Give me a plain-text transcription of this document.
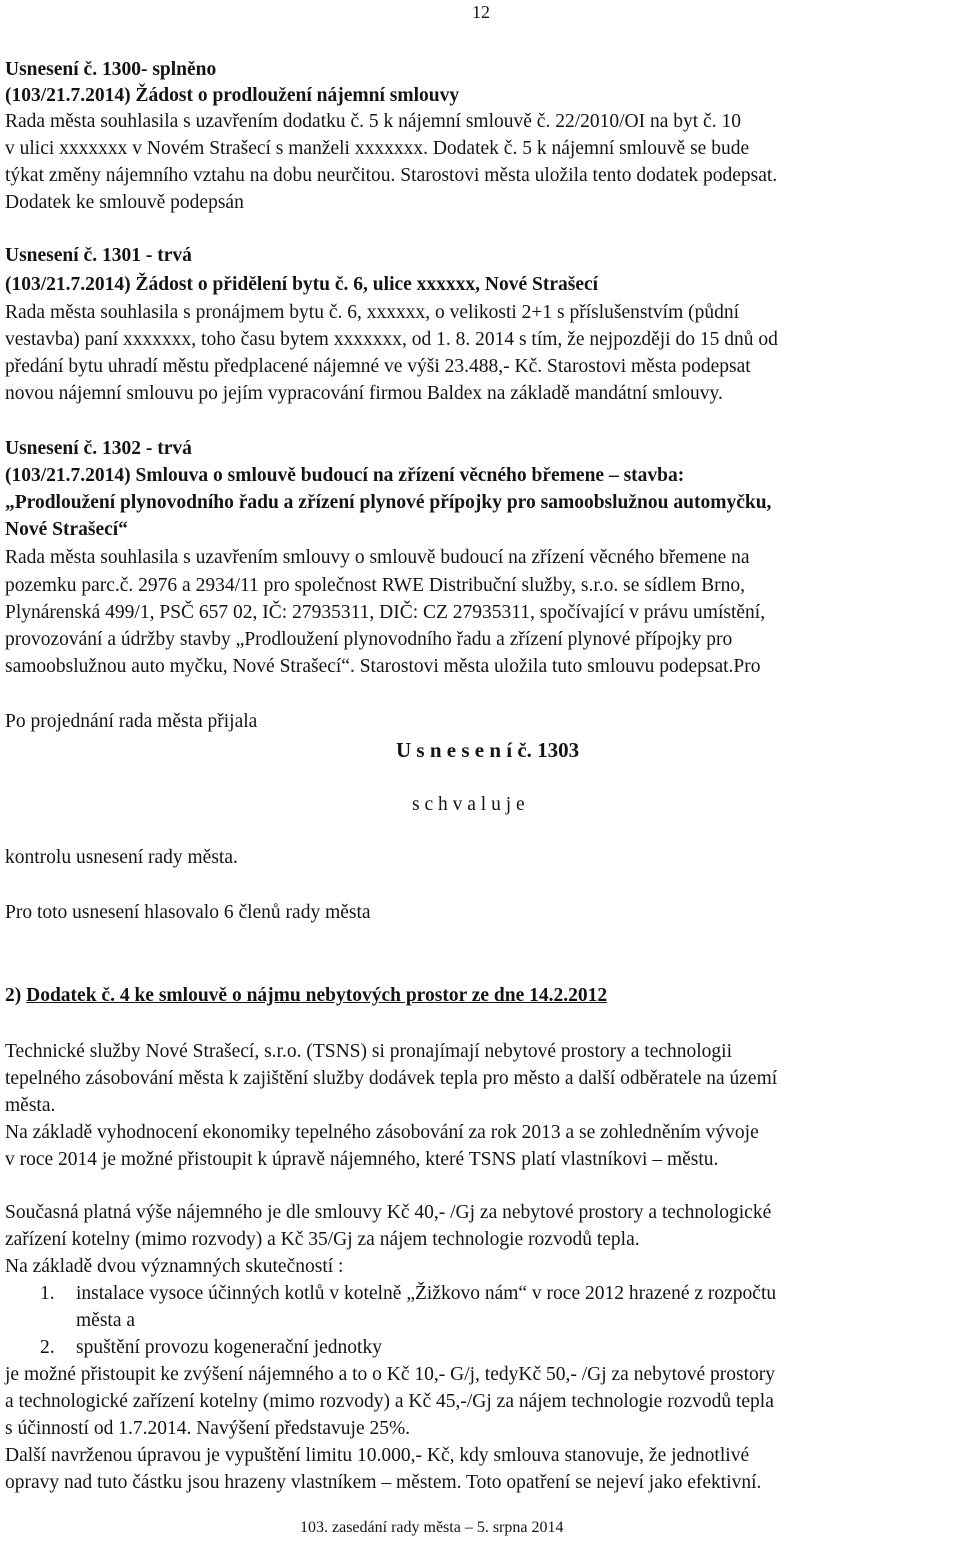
12
Usnesení č. 1300- splněno
(103/21.7.2014) Žádost o prodloužení nájemní smlouvy
Rada města souhlasila s uzavřením dodatku č. 5 k nájemní smlouvě č. 22/2010/OI na byt č. 10
v ulici xxxxxxx v Novém Strašecí s manželi xxxxxxx. Dodatek č. 5 k nájemní smlouvě se bude
týkat změny nájemního vztahu na dobu neurčitou. Starostovi města uložila tento dodatek podepsat.
Dodatek ke smlouvě podepsán
Usnesení č. 1301 - trvá
(103/21.7.2014) Žádost o přidělení bytu č. 6, ulice xxxxxx, Nové Strašecí
Rada města souhlasila s pronájmem bytu č. 6, xxxxxx, o velikosti 2+1 s příslušenstvím (půdní
vestavba) paní xxxxxxx, toho času bytem xxxxxxx, od 1. 8. 2014 s tím, že nejpozději do 15 dnů od
předání bytu uhradí městu předplacené nájemné ve výši 23.488,- Kč. Starostovi města podepsat
novou nájemní smlouvu po jejím vypracování firmou Baldex na základě mandátní smlouvy.
Usnesení č. 1302 - trvá
(103/21.7.2014) Smlouva o smlouvě budoucí na zřízení věcného břemene – stavba:
„Prodloužení plynovodního řadu a zřízení plynové přípojky pro samoobslužnou automyčku,
Nové Strašecí“
Rada města souhlasila s uzavřením smlouvy o smlouvě budoucí na zřízení věcného břemene na
pozemku parc.č. 2976 a 2934/11 pro společnost RWE Distribuční služby, s.r.o. se sídlem Brno,
Plynárenská 499/1, PSČ 657 02, IČ: 27935311, DIČ: CZ 27935311, spočívající v právu umístění,
provozování a údržby stavby „Prodloužení plynovodního řadu a zřízení plynové přípojky pro
samoobslužnou auto myčku, Nové Strašecí“. Starostovi města uložila tuto smlouvu podepsat.Pro
Po projednání rada města přijala
U s n e s e n í č. 1303
s c h v a l u j e
kontrolu usnesení rady města.
Pro toto usnesení hlasovalo 6 členů rady města
2) Dodatek č. 4 ke smlouvě o nájmu nebytových prostor ze dne 14.2.2012
Technické služby Nové Strašecí, s.r.o. (TSNS) si pronajímají nebytové prostory a technologii
tepelného zásobování města k zajištění služby dodávek tepla pro město a další odběratele na území
města.
Na základě vyhodnocení ekonomiky tepelného zásobování za rok 2013 a se zohledněním vývoje
v roce 2014 je možné přistoupit k úpravě nájemného, které TSNS platí vlastníkovi – městu.
Současná platná výše nájemného je dle smlouvy Kč 40,- /Gj za nebytové prostory a technologické
zařízení kotelny (mimo rozvody) a Kč 35/Gj za nájem technologie rozvodů tepla.
Na základě dvou významných skutečností :
1. instalace vysoce účinných kotlů v kotelně „Žižkovo nám“ v roce 2012 hrazené z rozpočtu
města a
2. spuštění provozu kogenerační jednotky
je možné přistoupit ke zvýšení nájemného a to o Kč 10,- G/j, tedyKč 50,- /Gj za nebytové prostory
a technologické zařízení kotelny (mimo rozvody) a Kč 45,-/Gj za nájem technologie rozvodů tepla
s účinností od 1.7.2014. Navýšení představuje 25%.
Další navrženou úpravou je vypuštění limitu 10.000,- Kč, kdy smlouva stanovuje, že jednotlivé
opravy nad tuto částku jsou hrazeny vlastníkem – městem. Toto opatření se nejeví jako efektivní.
103. zasedání rady města – 5. srpna 2014
